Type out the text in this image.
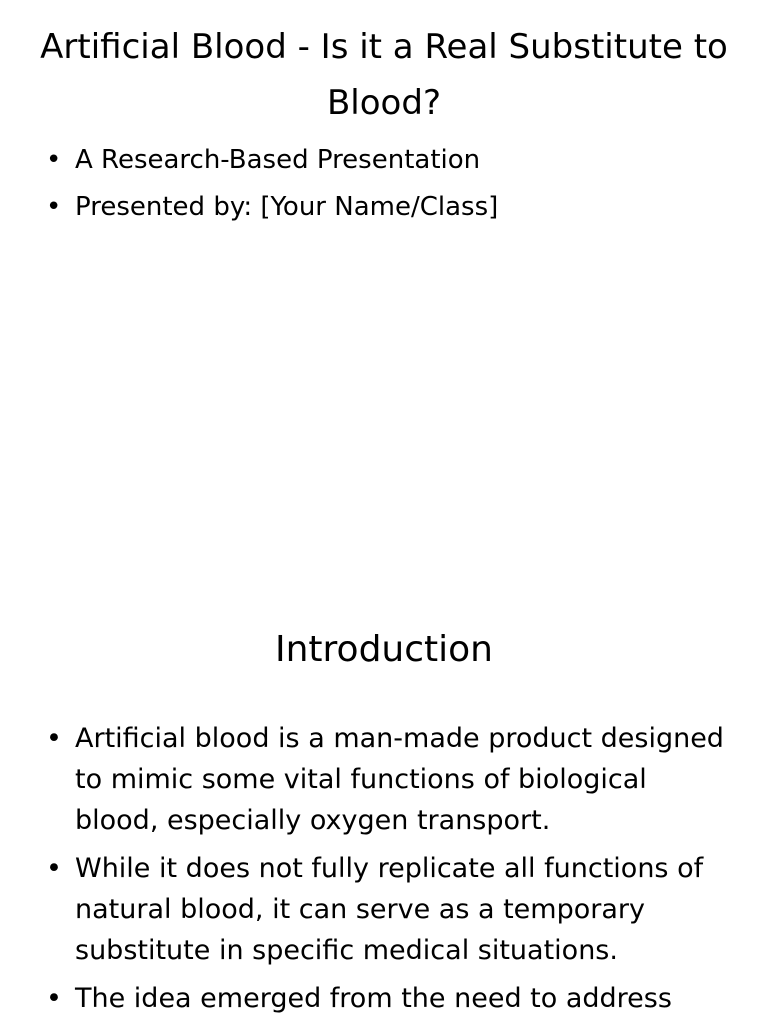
Artificial Blood - Is it a Real Substitute to Blood?
• A Research-Based Presentation
• Presented by: [Your Name/Class]
Introduction
• Artificial blood is a man-made product designed to mimic some vital functions of biological blood, especially oxygen transport.
• While it does not fully replicate all functions of natural blood, it can serve as a temporary substitute in specific medical situations.
• The idea emerged from the need to address
